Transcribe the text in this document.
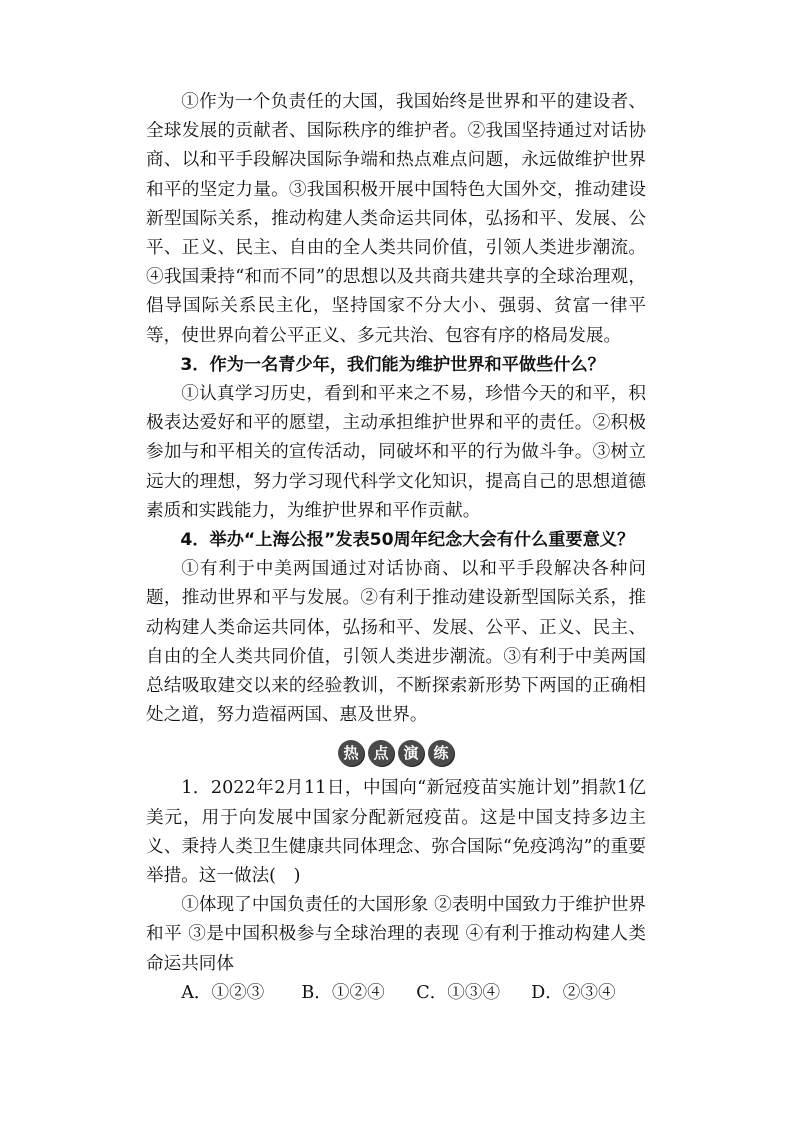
①作为一个负责任的大国，我国始终是世界和平的建设者、全球发展的贡献者、国际秩序的维护者。②我国坚持通过对话协商、以和平手段解决国际争端和热点难点问题，永远做维护世界和平的坚定力量。③我国积极开展中国特色大国外交，推动建设新型国际关系，推动构建人类命运共同体，弘扬和平、发展、公平、正义、民主、自由的全人类共同价值，引领人类进步潮流。④我国秉持“和而不同”的思想以及共商共建共享的全球治理观，倡导国际关系民主化，坚持国家不分大小、强弱、贫富一律平等，使世界向着公平正义、多元共治、包容有序的格局发展。

3．作为一名青少年，我们能为维护世界和平做些什么？

①认真学习历史，看到和平来之不易，珍惜今天的和平，积极表达爱好和平的愿望，主动承担维护世界和平的责任。②积极参加与和平相关的宣传活动，同破坏和平的行为做斗争。③树立远大的理想，努力学习现代科学文化知识，提高自己的思想道德素质和实践能力，为维护世界和平作贡献。

4．举办“上海公报”发表50周年纪念大会有什么重要意义？

①有利于中美两国通过对话协商、以和平手段解决各种问题，推动世界和平与发展。②有利于推动建设新型国际关系，推动构建人类命运共同体，弘扬和平、发展、公平、正义、民主、自由的全人类共同价值，引领人类进步潮流。③有利于中美两国总结吸取建交以来的经验教训，不断探索新形势下两国的正确相处之道，努力造福两国、惠及世界。

热 点 演 练

1．2022年2月11日，中国向“新冠疫苗实施计划”捐款1亿美元，用于向发展中国家分配新冠疫苗。这是中国支持多边主义、秉持人类卫生健康共同体理念、弥合国际“免疫鸿沟”的重要举措。这一做法(　)

①体现了中国负责任的大国形象 ②表明中国致力于维护世界和平 ③是中国积极参与全球治理的表现 ④有利于推动构建人类命运共同体

A．①②③	B．①②④	C．①③④	D．②③④
